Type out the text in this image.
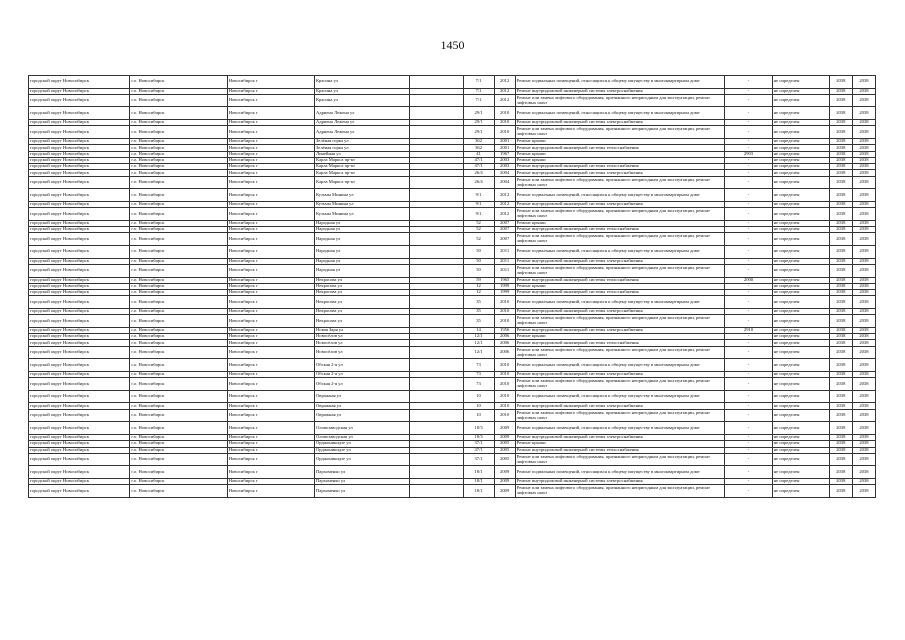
1450
городской округ Новосибирск	г.о. Новосибирск	Новосибирск г	Красина ул		7/1	2012	Ремонт подвальных помещений, относящихся к общему имуществу в многоквартирном доме	-	не определен	2038	2038
городской округ Новосибирск	г.о. Новосибирск	Новосибирск г	Красина ул		7/1	2012	Ремонт внутридомовой инженерной системы электроснабжения	-	не определен	2038	2038
городской округ Новосибирск	г.о. Новосибирск	Новосибирск г	Красина ул		7/1	2012	Ремонт или замена лифтового оборудования, признанного непригодным для эксплуатации, ремонт лифтовых шахт	-	не определен	2038	2038
городской округ Новосибирск	г.о. Новосибирск	Новосибирск г	Адриена Лежена ул		29/1	2010	Ремонт подвальных помещений, относящихся к общему имуществу в многоквартирном доме	-	не определен	2038	2038
городской округ Новосибирск	г.о. Новосибирск	Новосибирск г	Адриена Лежена ул		29/1	2010	Ремонт внутридомовой инженерной системы электроснабжения	-	не определен	2038	2038
городской округ Новосибирск	г.о. Новосибирск	Новосибирск г	Адриена Лежена ул		29/1	2010	Ремонт или замена лифтового оборудования, признанного непригодным для эксплуатации, ремонт лифтовых шахт	-	не определен	2038	2038
городской округ Новосибирск	г.о. Новосибирск	Новосибирск г	Зелёная горка ул		362	2001	Ремонт крыши	-	не определен	2038	2038
городской округ Новосибирск	г.о. Новосибирск	Новосибирск г	Зелёная горка ул		362	2001	Ремонт внутридомовой инженерной системы теплоснабжения	-	не определен	2038	2038
городской округ Новосибирск	г.о. Новосибирск	Новосибирск г	Линейная ул		41	1967	Ремонт крыши	2903	не определен	2038	2038
городской округ Новосибирск	г.о. Новосибирск	Новосибирск г	Карла Маркса пр-кт		47/1	2003	Ремонт крыши	-	не определен	2038	2038
городской округ Новосибирск	г.о. Новосибирск	Новосибирск г	Карла Маркса пр-кт		47/1	2003	Ремонт внутридомовой инженерной системы теплоснабжения	-	не определен	2038	2038
городской округ Новосибирск	г.о. Новосибирск	Новосибирск г	Карла Маркса пр-кт		26/4	2004	Ремонт внутридомовой инженерной системы электроснабжения	-	не определен	2038	2038
городской округ Новосибирск	г.о. Новосибирск	Новосибирск г	Карла Маркса пр-кт		26/4	2004	Ремонт или замена лифтового оборудования, признанного непригодным для эксплуатации, ремонт лифтовых шахт	-	не определен	2038	2038
городской округ Новосибирск	г.о. Новосибирск	Новосибирск г	Кузьмы Минина ул		9/1	2012	Ремонт подвальных помещений, относящихся к общему имуществу в многоквартирном доме	-	не определен	2038	2038
городской округ Новосибирск	г.о. Новосибирск	Новосибирск г	Кузьмы Минина ул		9/1	2012	Ремонт внутридомовой инженерной системы электроснабжения	-	не определен	2038	2038
городской округ Новосибирск	г.о. Новосибирск	Новосибирск г	Кузьмы Минина ул		9/1	2012	Ремонт или замена лифтового оборудования, признанного непригодным для эксплуатации, ремонт лифтовых шахт	-	не определен	2038	2038
городской округ Новосибирск	г.о. Новосибирск	Новосибирск г	Народная ул		52	2007	Ремонт крыши	-	не определен	2038	2038
городской округ Новосибирск	г.о. Новосибирск	Новосибирск г	Народная ул		52	2007	Ремонт внутридомовой инженерной системы теплоснабжения	-	не определен	2038	2038
городской округ Новосибирск	г.о. Новосибирск	Новосибирск г	Народная ул		52	2007	Ремонт или замена лифтового оборудования, признанного непригодным для эксплуатации, ремонт лифтовых шахт	-	не определен	2038	2038
городской округ Новосибирск	г.о. Новосибирск	Новосибирск г	Народная ул		50	2011	Ремонт подвальных помещений, относящихся к общему имуществу в многоквартирном доме	-	не определен	2038	2038
городской округ Новосибирск	г.о. Новосибирск	Новосибирск г	Народная ул		50	2011	Ремонт внутридомовой инженерной системы электроснабжения	-	не определен	2038	2038
городской округ Новосибирск	г.о. Новосибирск	Новосибирск г	Народная ул		50	2011	Ремонт или замена лифтового оборудования, признанного непригодным для эксплуатации, ремонт лифтовых шахт	-	не определен	2038	2038
городской округ Новосибирск	г.о. Новосибирск	Новосибирск г	Некрасова ул		59	1965	Ремонт внутридомовой инженерной системы теплоснабжения	2000	не определен	2038	2038
городской округ Новосибирск	г.о. Новосибирск	Новосибирск г	Некрасова ул		12	1999	Ремонт крыши	-	не определен	2038	2038
городской округ Новосибирск	г.о. Новосибирск	Новосибирск г	Некрасова ул		12	1999	Ремонт внутридомовой инженерной системы теплоснабжения	-	не определен	2038	2038
городской округ Новосибирск	г.о. Новосибирск	Новосибирск г	Некрасова ул		35	2010	Ремонт подвальных помещений, относящихся к общему имуществу в многоквартирном доме	-	не определен	2038	2038
городской округ Новосибирск	г.о. Новосибирск	Новосибирск г	Некрасова ул		35	2010	Ремонт внутридомовой инженерной системы электроснабжения	-	не определен	2038	2038
городской округ Новосибирск	г.о. Новосибирск	Новосибирск г	Некрасова ул		35	2010	Ремонт или замена лифтового оборудования, признанного непригодным для эксплуатации, ремонт лифтовых шахт	-	не определен	2038	2038
городской округ Новосибирск	г.о. Новосибирск	Новосибирск г	Новая Заря ул		14	1956	Ремонт внутридомовой инженерной системы электроснабжения	2910	не определен	2038	2038
городской округ Новосибирск	г.о. Новосибирск	Новосибирск г	Новосёлов ул		12/1	2006	Ремонт крыши	-	не определен	2038	2038
городской округ Новосибирск	г.о. Новосибирск	Новосибирск г	Новосёлов ул		12/1	2006	Ремонт внутридомовой инженерной системы теплоснабжения	-	не определен	2038	2038
городской округ Новосибирск	г.о. Новосибирск	Новосибирск г	Новосёлов ул		12/1	2006	Ремонт или замена лифтового оборудования, признанного непригодным для эксплуатации, ремонт лифтовых шахт	-	не определен	2038	2038
городской округ Новосибирск	г.о. Новосибирск	Новосибирск г	Обская 2-я ул		73	2010	Ремонт подвальных помещений, относящихся к общему имуществу в многоквартирном доме	-	не определен	2038	2038
городской округ Новосибирск	г.о. Новосибирск	Новосибирск г	Обская 2-я ул		73	2010	Ремонт внутридомовой инженерной системы электроснабжения	-	не определен	2038	2038
городской округ Новосибирск	г.о. Новосибирск	Новосибирск г	Обская 2-я ул		73	2010	Ремонт или замена лифтового оборудования, признанного непригодным для эксплуатации, ремонт лифтовых шахт	-	не определен	2038	2038
городской округ Новосибирск	г.о. Новосибирск	Новосибирск г	Овражная ул		10	2010	Ремонт подвальных помещений, относящихся к общему имуществу в многоквартирном доме	-	не определен	2038	2038
городской округ Новосибирск	г.о. Новосибирск	Новосибирск г	Овражная ул		10	2010	Ремонт внутридомовой инженерной системы электроснабжения	-	не определен	2038	2038
городской округ Новосибирск	г.о. Новосибирск	Новосибирск г	Овражная ул		10	2010	Ремонт или замена лифтового оборудования, признанного непригодным для эксплуатации, ремонт лифтовых шахт	-	не определен	2038	2038
городской округ Новосибирск	г.о. Новосибирск	Новосибирск г	Оловозаводская ул		18/3	2009	Ремонт подвальных помещений, относящихся к общему имуществу в многоквартирном доме	-	не определен	2038	2038
городской округ Новосибирск	г.о. Новосибирск	Новосибирск г	Оловозаводская ул		18/3	2009	Ремонт внутридомовой инженерной системы электроснабжения	-	не определен	2038	2038
городской округ Новосибирск	г.о. Новосибирск	Новосибирск г	Орджоникидзе ул		37/1	2005	Ремонт крыши	-	не определен	2038	2038
городской округ Новосибирск	г.о. Новосибирск	Новосибирск г	Орджоникидзе ул		37/1	2005	Ремонт внутридомовой инженерной системы теплоснабжения	-	не определен	2038	2038
городской округ Новосибирск	г.о. Новосибирск	Новосибирск г	Орджоникидзе ул		37/1	2005	Ремонт или замена лифтового оборудования, признанного непригодным для эксплуатации, ремонт лифтовых шахт	-	не определен	2038	2038
городской округ Новосибирск	г.о. Новосибирск	Новосибирск г	Пархоменко ул		18/1	2009	Ремонт подвальных помещений, относящихся к общему имуществу в многоквартирном доме	-	не определен	2038	2038
городской округ Новосибирск	г.о. Новосибирск	Новосибирск г	Пархоменко ул		18/1	2009	Ремонт внутридомовой инженерной системы электроснабжения	-	не определен	2038	2038
городской округ Новосибирск	г.о. Новосибирск	Новосибирск г	Пархоменко ул		18/1	2009	Ремонт или замена лифтового оборудования, признанного непригодным для эксплуатации, ремонт лифтовых шахт	-	не определен	2038	2038
